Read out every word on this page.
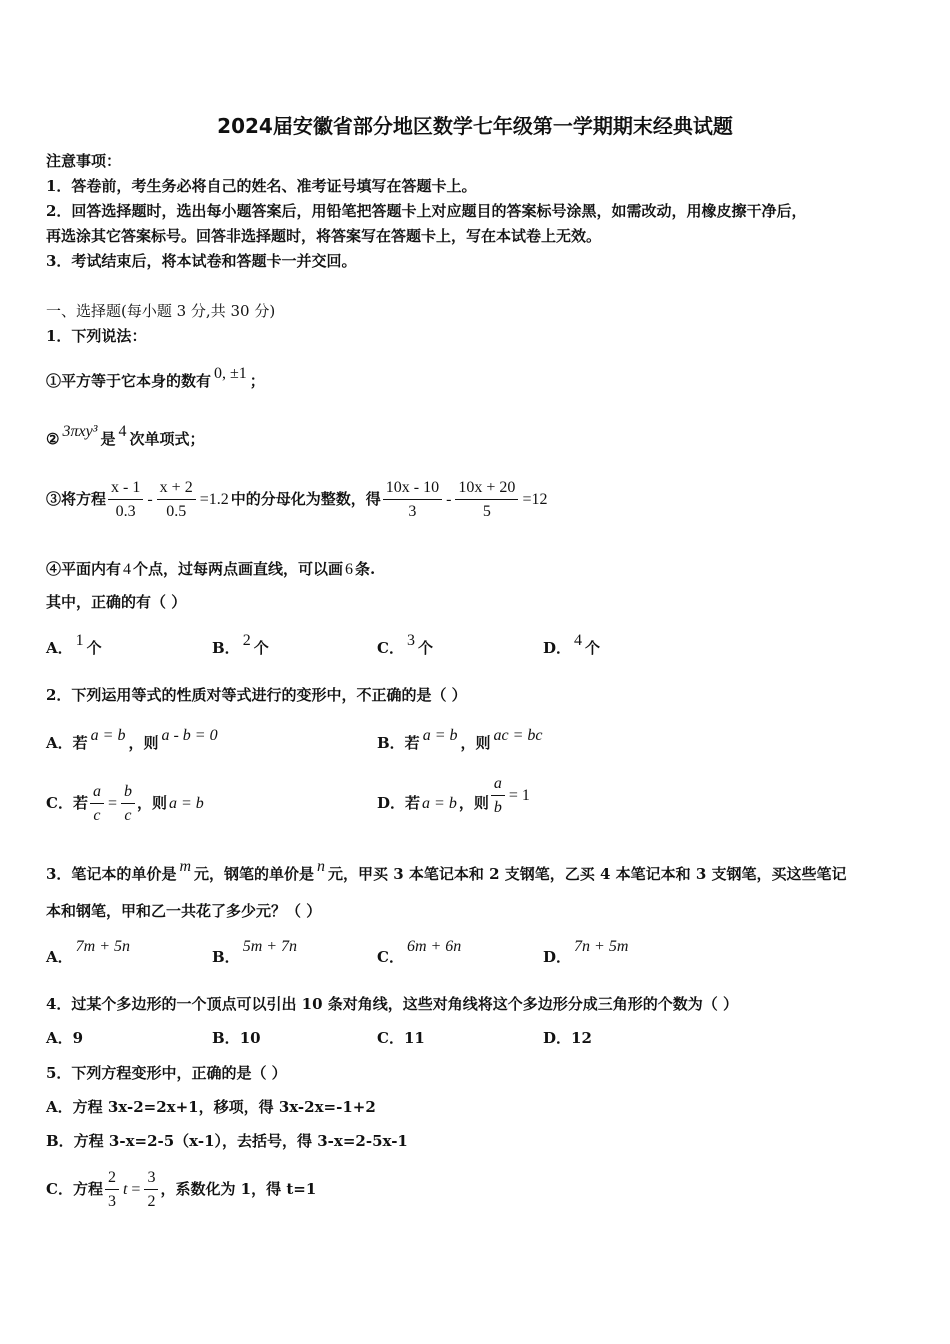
2024届安徽省部分地区数学七年级第一学期期末经典试题
注意事项：
1．答卷前，考生务必将自己的姓名、准考证号填写在答题卡上。
2．回答选择题时，选出每小题答案后，用铅笔把答题卡上对应题目的答案标号涂黑，如需改动，用橡皮擦干净后，
再选涂其它答案标号。回答非选择题时，将答案写在答题卡上，写在本试卷上无效。
3．考试结束后，将本试卷和答题卡一并交回。
一、选择题(每小题 3 分,共 30 分)
1．下列说法：
①平方等于它本身的数有 0, ±1 ；
② 3πxy³ 是 4 次单项式；
③将方程 $\frac{x - 1}{0.3} - \frac{x + 2}{0.5} =1.2$ 中的分母化为整数，得 $\frac{10x - 10}{3} - \frac{10x + 20}{5} =12$
④平面内有 4 个点，过每两点画直线，可以画 6 条.
其中，正确的有（ ）
A． 1 个	B． 2 个	C． 3 个	D． 4 个
2．下列运用等式的性质对等式进行的变形中，不正确的是（ ）
A．若 a = b ，则 a - b = 0	B．若 a = b ，则 ac = bc
C．若 $\frac{a}{c} = \frac{b}{c}$ ，则 a = b	D．若 a = b ，则 $\frac{a}{b} = 1$
3．笔记本的单价是 m 元，钢笔的单价是 n 元，甲买 3 本笔记本和 2 支钢笔，乙买 4 本笔记本和 3 支钢笔，买这些笔记
本和钢笔，甲和乙一共花了多少元？（ ）
A．7m + 5n
B．5m + 7n
C．6m + 6n
D．7n + 5m
4．过某个多边形的一个顶点可以引出 10 条对角线，这些对角线将这个多边形分成三角形的个数为（ ）
A．9	B．10	C．11	D．12
5．下列方程变形中，正确的是（ ）
A．方程 3x-2=2x+1，移项，得 3x-2x=-1+2
B．方程 3-x=2-5（x-1），去括号，得 3-x=2-5x-1
C．方程 $\frac{2}{3}$ $t = \frac{3}{2}$ ，系数化为 1，得 t=1
